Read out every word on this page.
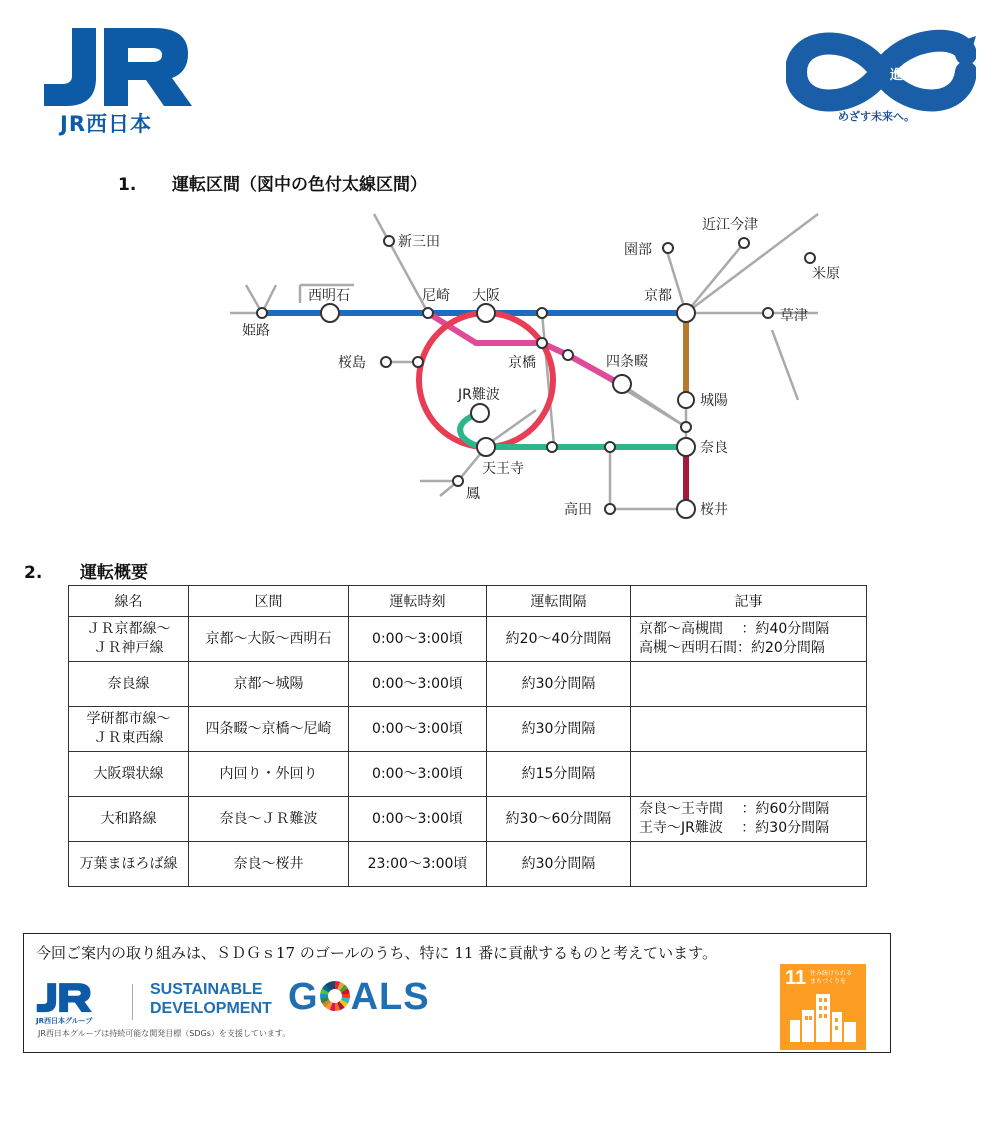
JR西日本
継続と	進化で
めざす未来へ。
1. 運転区間（図中の色付太線区間）
新三田
西明石	尼崎 大阪	京都
園部
近江今津
米原
草津
姫路
桜島	京橋	四条畷
JR難波	城陽
奈良
天王寺
鳳
高田	桜井
2. 運転概要
線名	区間	運転時刻	運転間隔	記事
ＪＲ京都線～
ＪＲ神戸線	京都～大阪～西明石	0:00～3:00頃	約20～40分間隔	京都～高槻間　 ：約40分間隔
高槻～西明石間：約20分間隔
奈良線	京都～城陽	0:00～3:00頃	約30分間隔	
学研都市線～
ＪＲ東西線	四条畷～京橋～尼崎	0:00～3:00頃	約30分間隔	
大阪環状線	内回り・外回り	0:00～3:00頃	約15分間隔	
大和路線	奈良～ＪＲ難波	0:00～3:00頃	約30～60分間隔	奈良～王寺間　 ：約60分間隔
王寺～JR難波　 ：約30分間隔
万葉まほろば線	奈良～桜井	23:00～3:00頃	約30分間隔	
今回ご案内の取り組みは、ＳＤＧｓ17 のゴールのうち、特に 11 番に貢献するものと考えています。
JR西日本グループ
SUSTAINABLE
DEVELOPMENT G ALS
JR西日本グループは持続可能な開発目標（SDGs）を支援しています。
11 住み続けられる
まちづくりを
